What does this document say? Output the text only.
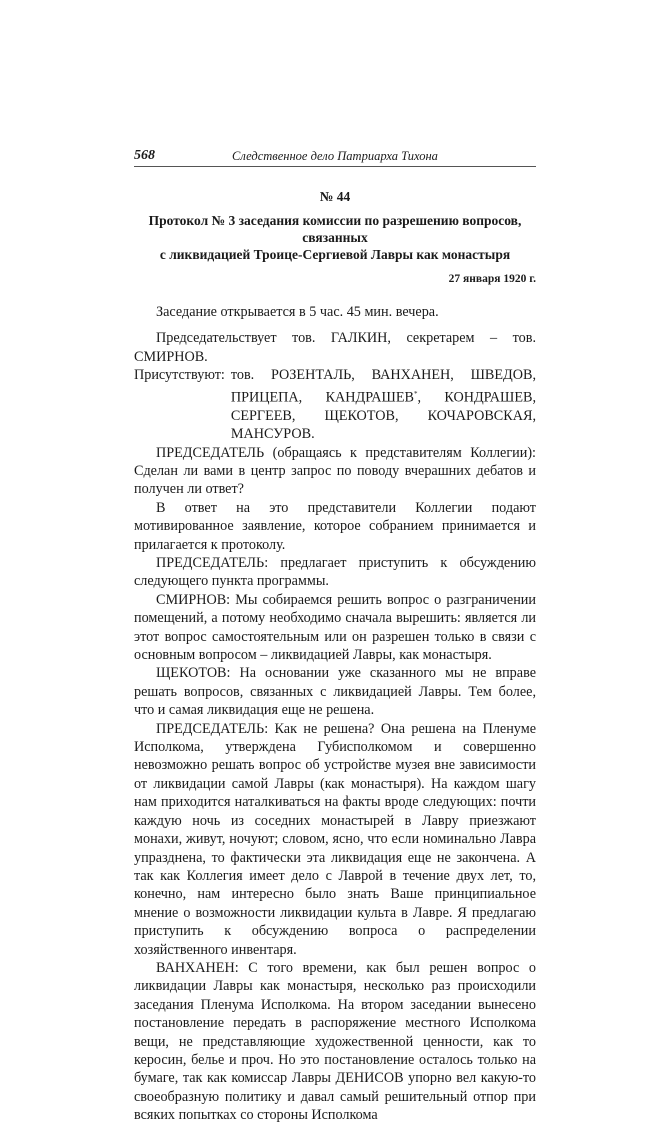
568	Следственное дело Патриарха Тихона
№ 44
Протокол № 3 заседания комиссии по разрешению вопросов, связанных
с ликвидацией Троице-Сергиевой Лавры как монастыря
27 января 1920 г.

Заседание открывается в 5 час. 45 мин. вечера.

Председательствует тов. ГАЛКИН, секретарем – тов. СМИРНОВ.

Присутствуют: тов. РОЗЕНТАЛЬ, ВАНХАНЕН, ШВЕДОВ, ПРИЦЕПА, КАНДРАШЕВ*, КОНДРАШЕВ, СЕРГЕЕВ, ЩЕКОТОВ, КОЧАРОВСКАЯ, МАНСУРОВ.

ПРЕДСЕДАТЕЛЬ (обращаясь к представителям Коллегии): Сделан ли вами в центр запрос по поводу вчерашних дебатов и получен ли ответ?

В ответ на это представители Коллегии подают мотивированное заявление, которое собранием принимается и прилагается к протоколу.

ПРЕДСЕДАТЕЛЬ: предлагает приступить к обсуждению следующего пункта программы.

СМИРНОВ: Мы собираемся решить вопрос о разграничении помещений, а потому необходимо сначала вырешить: является ли этот вопрос самостоятельным или он разрешен только в связи с основным вопросом – ликвидацией Лавры, как монастыря.

ЩЕКОТОВ: На основании уже сказанного мы не вправе решать вопросов, связанных с ликвидацией Лавры. Тем более, что и самая ликвидация еще не решена.

ПРЕДСЕДАТЕЛЬ: Как не решена? Она решена на Пленуме Исполкома, утверждена Губисполкомом и совершенно невозможно решать вопрос об устройстве музея вне зависимости от ликвидации самой Лавры (как монастыря). На каждом шагу нам приходится наталкиваться на факты вроде следующих: почти каждую ночь из соседних монастырей в Лавру приезжают монахи, живут, ночуют; словом, ясно, что если номинально Лавра упразднена, то фактически эта ликвидация еще не закончена. А так как Коллегия имеет дело с Лаврой в течение двух лет, то, конечно, нам интересно было знать Ваше принципиальное мнение о возможности ликвидации культа в Лавре. Я предлагаю приступить к обсуждению вопроса о распределении хозяйственного инвентаря.

ВАНХАНЕН: С того времени, как был решен вопрос о ликвидации Лавры как монастыря, несколько раз происходили заседания Пленума Исполкома. На втором заседании вынесено постановление передать в распоряжение местного Исполкома вещи, не представляющие художественной ценности, как то керосин, белье и проч. Но это постановление осталось только на бумаге, так как комиссар Лавры ДЕНИСОВ упорно вел какую-то своеобразную политику и давал самый решительный отпор при всяких попытках со стороны Исполкома
